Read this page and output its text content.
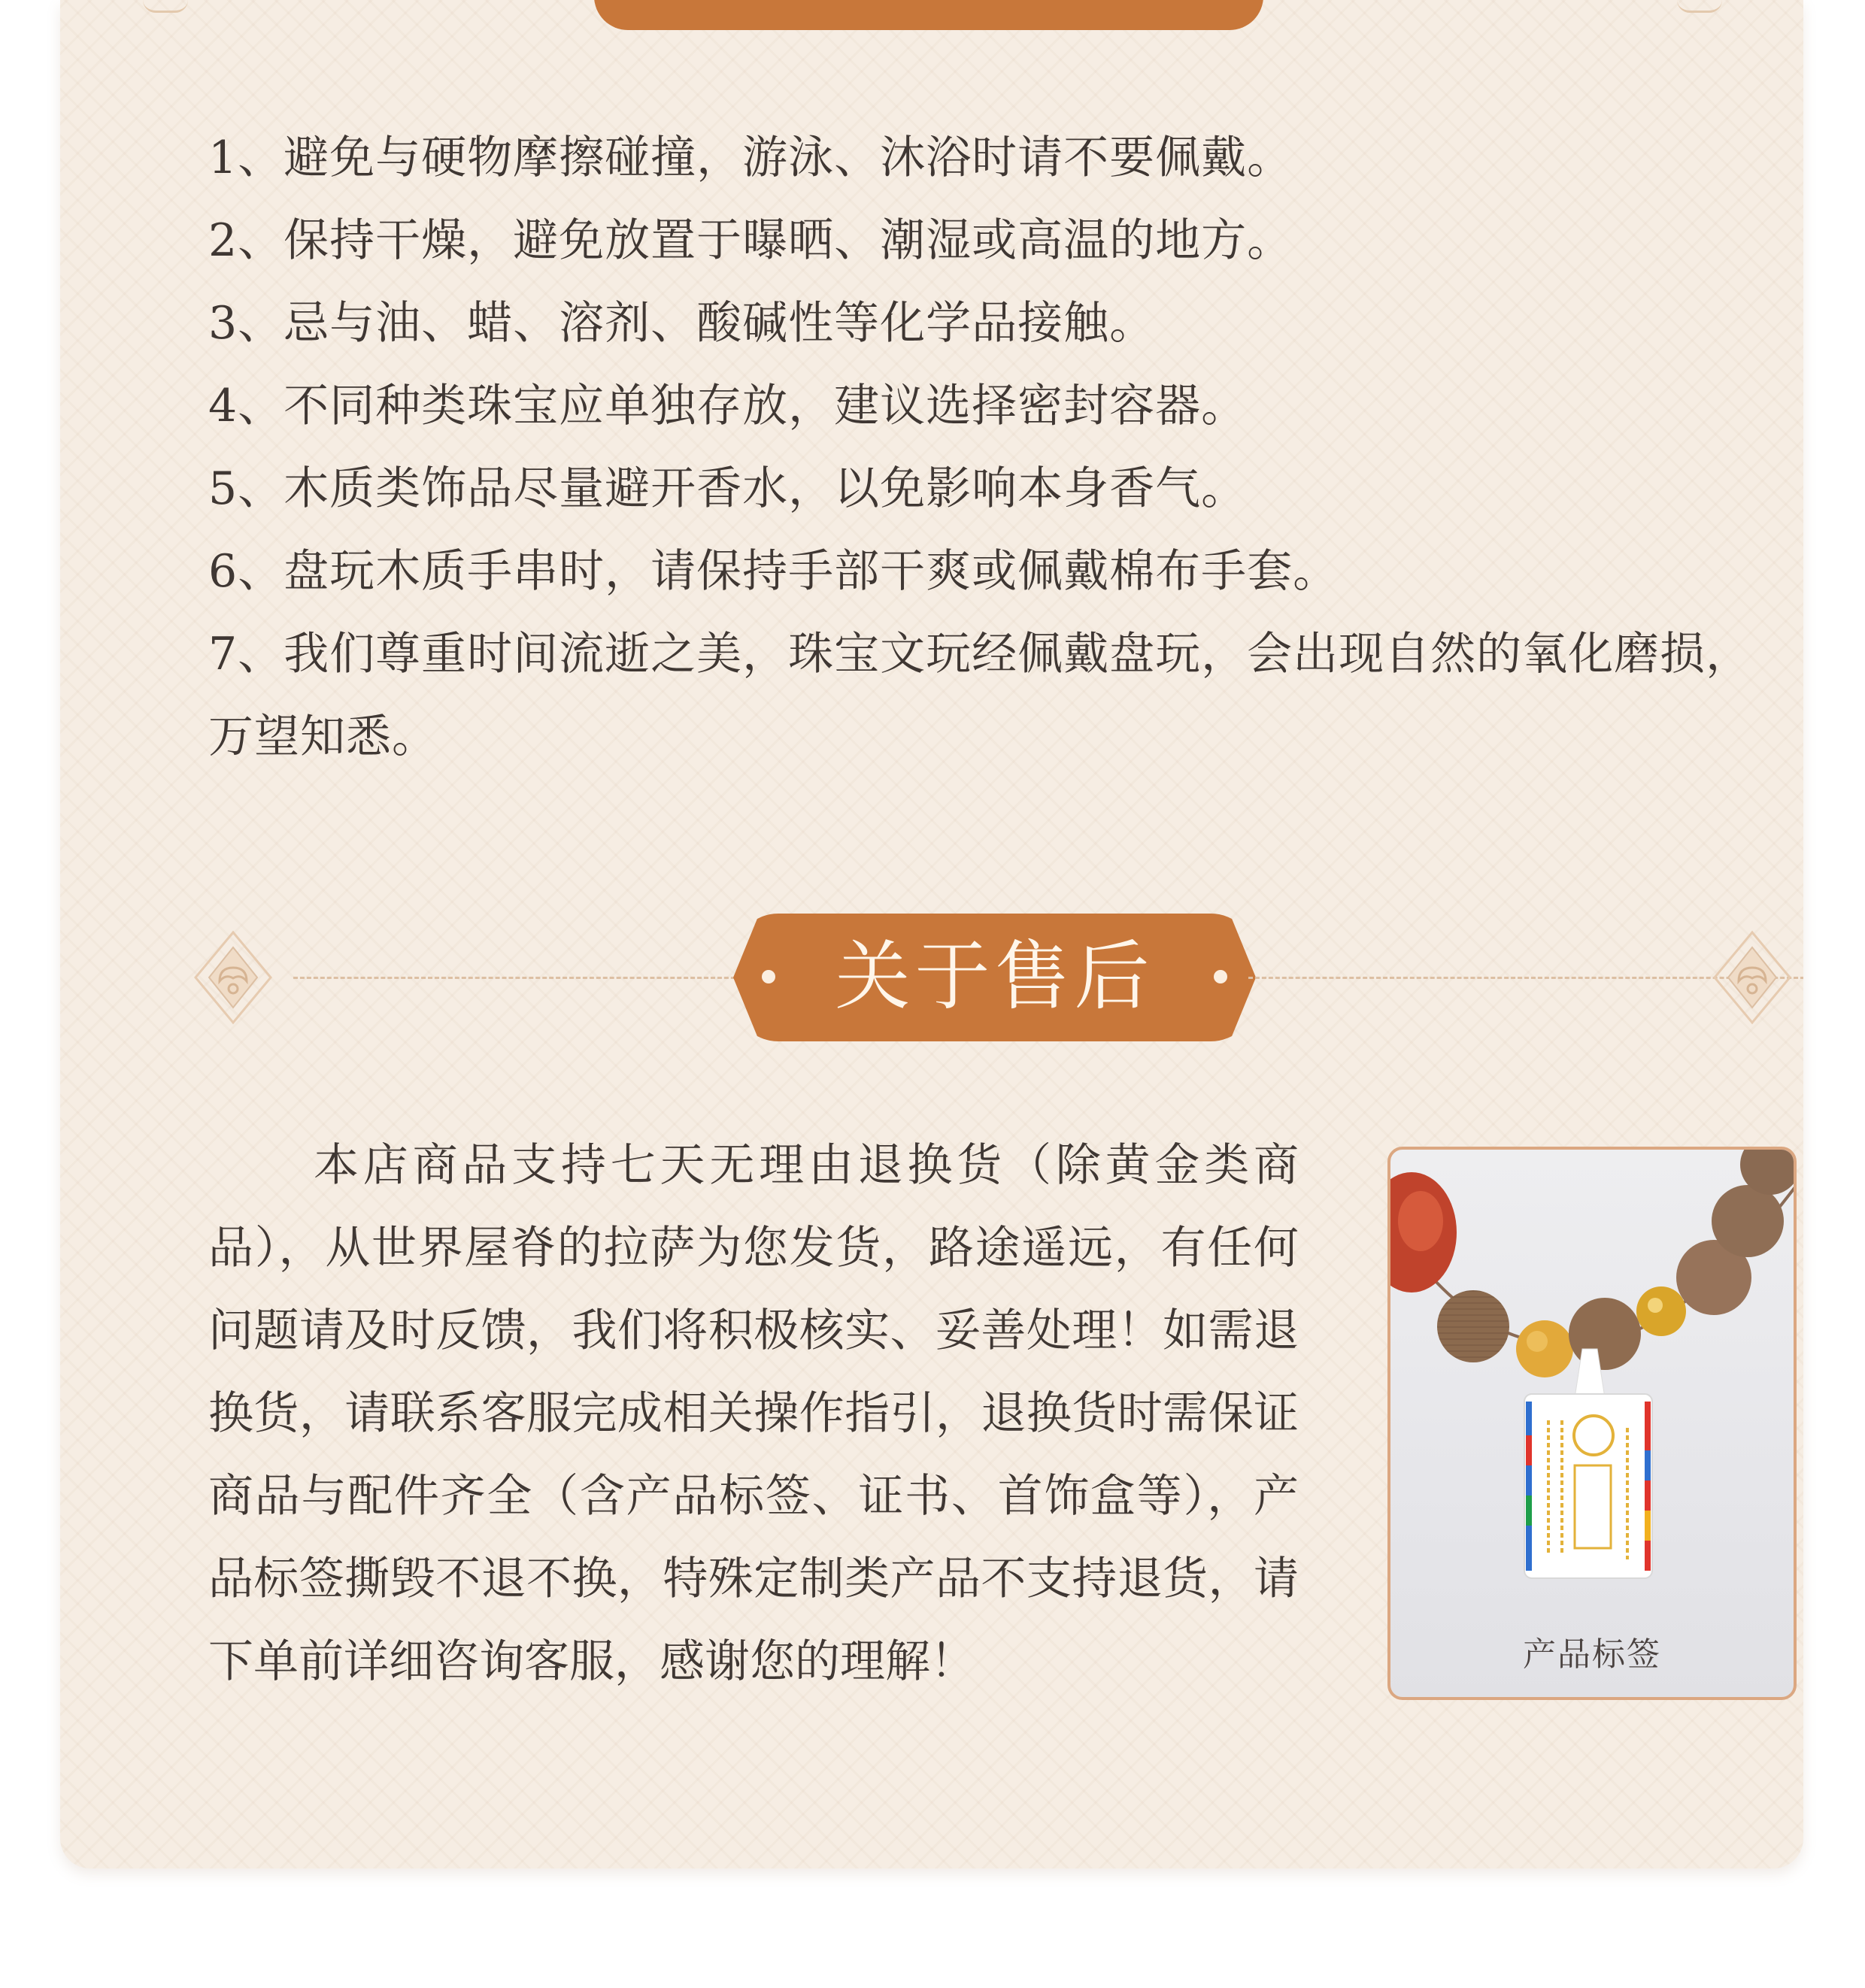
1、避免与硬物摩擦碰撞，游泳、沐浴时请不要佩戴。
2、保持干燥，避免放置于曝晒、潮湿或高温的地方。
3、忌与油、蜡、溶剂、酸碱性等化学品接触。
4、不同种类珠宝应单独存放，建议选择密封容器。
5、木质类饰品尽量避开香水，以免影响本身香气。
6、盘玩木质手串时，请保持手部干爽或佩戴棉布手套。
7、我们尊重时间流逝之美，珠宝文玩经佩戴盘玩，会出现自然的氧化磨损，万望知悉。
关于售后

本店商品支持七天无理由退换货（除黄金类商品），从世界屋脊的拉萨为您发货，路途遥远，有任何问题请及时反馈，我们将积极核实、妥善处理！如需退换货，请联系客服完成相关操作指引，退换货时需保证商品与配件齐全（含产品标签、证书、首饰盒等），产品标签撕毁不退不换，特殊定制类产品不支持退货，请下单前详细咨询客服，感谢您的理解！	产品标签
